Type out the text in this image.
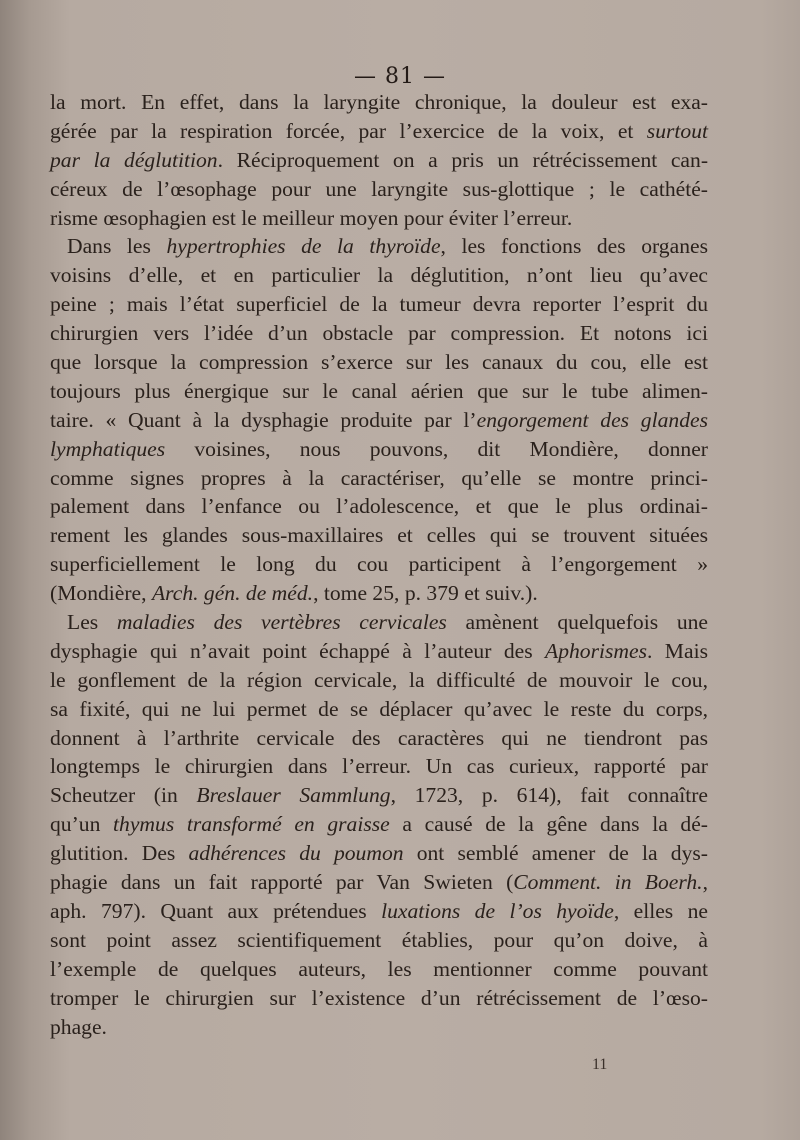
— 81 —
la mort. En effet, dans la laryngite chronique, la douleur est exa-
gérée par la respiration forcée, par l’exercice de la voix, et surtout
par la déglutition. Réciproquement on a pris un rétrécissement can-
céreux de l’œsophage pour une laryngite sus-glottique ; le cathété-
risme œsophagien est le meilleur moyen pour éviter l’erreur.
Dans les hypertrophies de la thyroïde, les fonctions des organes
voisins d’elle, et en particulier la déglutition, n’ont lieu qu’avec
peine ; mais l’état superficiel de la tumeur devra reporter l’esprit du
chirurgien vers l’idée d’un obstacle par compression. Et notons ici
que lorsque la compression s’exerce sur les canaux du cou, elle est
toujours plus énergique sur le canal aérien que sur le tube alimen-
taire. « Quant à la dysphagie produite par l’engorgement des glandes
lymphatiques voisines, nous pouvons, dit Mondière, donner
comme signes propres à la caractériser, qu’elle se montre princi-
palement dans l’enfance ou l’adolescence, et que le plus ordinai-
rement les glandes sous-maxillaires et celles qui se trouvent situées
superficiellement le long du cou participent à l’engorgement »
(Mondière, Arch. gén. de méd., tome 25, p. 379 et suiv.).
Les maladies des vertèbres cervicales amènent quelquefois une
dysphagie qui n’avait point échappé à l’auteur des Aphorismes. Mais
le gonflement de la région cervicale, la difficulté de mouvoir le cou,
sa fixité, qui ne lui permet de se déplacer qu’avec le reste du corps,
donnent à l’arthrite cervicale des caractères qui ne tiendront pas
longtemps le chirurgien dans l’erreur. Un cas curieux, rapporté par
Scheutzer (in Breslauer Sammlung, 1723, p. 614), fait connaître
qu’un thymus transformé en graisse a causé de la gêne dans la dé-
glutition. Des adhérences du poumon ont semblé amener de la dys-
phagie dans un fait rapporté par Van Swieten (Comment. in Boerh.,
aph. 797). Quant aux prétendues luxations de l’os hyoïde, elles ne
sont point assez scientifiquement établies, pour qu’on doive, à
l’exemple de quelques auteurs, les mentionner comme pouvant
tromper le chirurgien sur l’existence d’un rétrécissement de l’œso-
phage.
11
